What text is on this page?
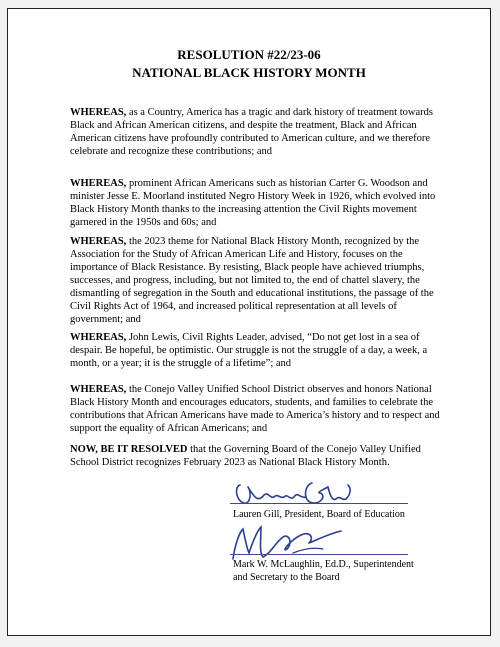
RESOLUTION #22/23-06
NATIONAL BLACK HISTORY MONTH
WHEREAS, as a Country, America has a tragic and dark history of treatment towards Black and African American citizens, and despite the treatment, Black and African American citizens have profoundly contributed to American culture, and we therefore celebrate and recognize these contributions; and
WHEREAS, prominent African Americans such as historian Carter G. Woodson and minister Jesse E. Moorland instituted Negro History Week in 1926, which evolved into Black History Month thanks to the increasing attention the Civil Rights movement garnered in the 1950s and 60s; and
WHEREAS, the 2023 theme for National Black History Month, recognized by the Association for the Study of African American Life and History, focuses on the importance of Black Resistance. By resisting, Black people have achieved triumphs, successes, and progress, including, but not limited to, the end of chattel slavery, the dismantling of segregation in the South and educational institutions, the passage of the Civil Rights Act of 1964, and increased political representation at all levels of government; and
WHEREAS, John Lewis, Civil Rights Leader, advised, “Do not get lost in a sea of despair. Be hopeful, be optimistic. Our struggle is not the struggle of a day, a week, a month, or a year; it is the struggle of a lifetime”; and
WHEREAS, the Conejo Valley Unified School District observes and honors National Black History Month and encourages educators, students, and families to celebrate the contributions that African Americans have made to America’s history and to respect and support the equality of African Americans; and
NOW, BE IT RESOLVED that the Governing Board of the Conejo Valley Unified School District recognizes February 2023 as National Black History Month.
Lauren Gill, President, Board of Education
Mark W. McLaughlin, Ed.D., Superintendent
and Secretary to the Board
